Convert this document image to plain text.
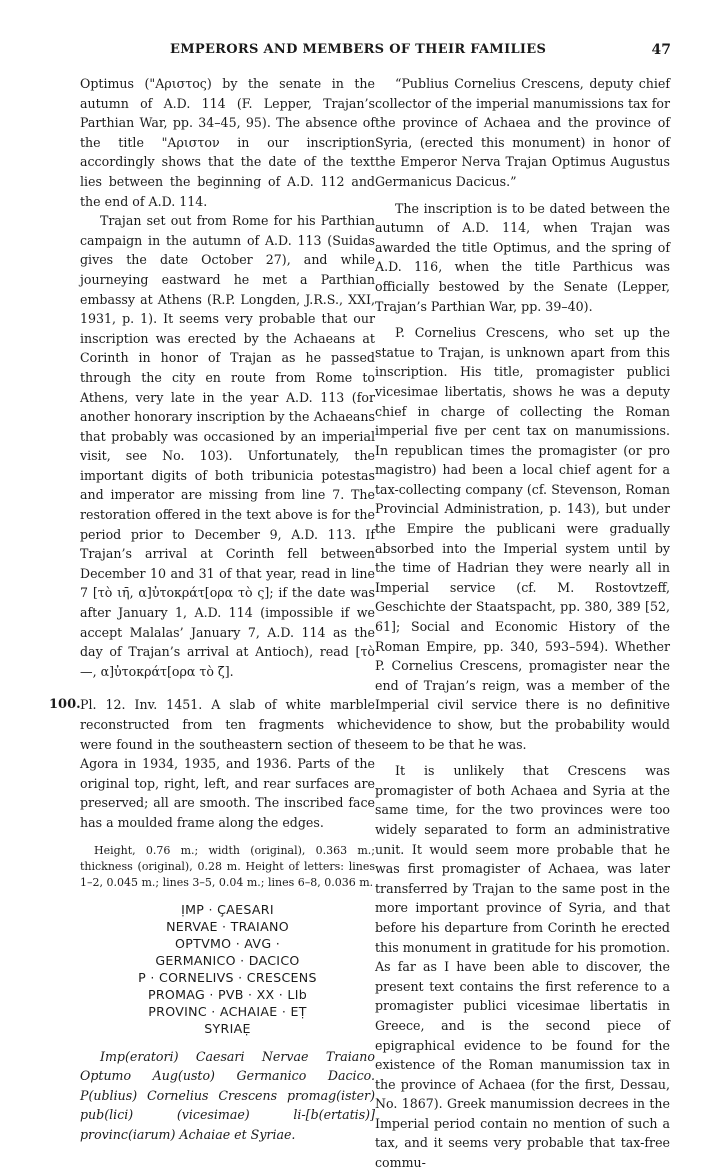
EMPERORS AND MEMBERS OF THEIR FAMILIES	47

Optimus ("Αριστος) by the senate in the autumn of A.D. 114 (F. Lepper, Trajan’s Parthian War, pp. 34–45, 95). The absence of the title "Αριστον in our inscription accordingly shows that the date of the text lies between the beginning of A.D. 112 and the end of A.D. 114.

Trajan set out from Rome for his Parthian campaign in the autumn of A.D. 113 (Suidas gives the date October 27), and while journeying eastward he met a Parthian embassy at Athens (R.P. Longden, J.R.S., XXI, 1931, p. 1). It seems very probable that our inscription was erected by the Achaeans at Corinth in honor of Trajan as he passed through the city en route from Rome to Athens, very late in the year A.D. 113 (for another honorary inscription by the Achaeans that probably was occasioned by an imperial visit, see No. 103). Unfortunately, the important digits of both tribunicia potestas and imperator are missing from line 7. The restoration offered in the text above is for the period prior to December 9, A.D. 113. If Trajan’s arrival at Corinth fell between December 10 and 31 of that year, read in line 7 [τὸ ιη̄, α]ὐτοκράτ[ορα τὸ ς]; if the date was after January 1, A.D. 114 (impossible if we accept Malalas’ January 7, A.D. 114 as the day of Trajan’s arrival at Antioch), read [τὸ —, α]ὐτοκράτ[ορα τὸ ζ̄].

100. Pl. 12. Inv. 1451. A slab of white marble reconstructed from ten fragments which were found in the southeastern section of the Agora in 1934, 1935, and 1936. Parts of the original top, right, left, and rear surfaces are preserved; all are smooth. The inscribed face has a moulded frame along the edges.

Height, 0.76 m.; width (original), 0.363 m.; thickness (original), 0.28 m. Height of letters: lines 1–2, 0.045 m.; lines 3–5, 0.04 m.; lines 6–8, 0.036 m.

ỊMP · ÇAESARI
NERVAE · TRAIANO
OPTVMO · AVG ·
GERMANICO · DACICO
P · CORNELIVS · CRESCENS
PROMAG · PVB · XX · LIb
PROVINC · ACHAIAE · EṬ
SYRIAẸ

Imp(eratori) Caesari Nervae Traiano Optumo Aug(usto) Germanico Dacico. P(ublius) Cornelius Crescens promag(ister) pub(lici) (vicesimae) li-[b(ertatis)] provinc(iarum) Achaiae et Syriae.

“Publius Cornelius Crescens, deputy chief collector of the imperial manumissions tax for the province of Achaea and the province of Syria, (erected this monument) in honor of the Emperor Nerva Trajan Optimus Augustus Germanicus Dacicus.”

The inscription is to be dated between the autumn of A.D. 114, when Trajan was awarded the title Optimus, and the spring of A.D. 116, when the title Parthicus was officially bestowed by the Senate (Lepper, Trajan’s Parthian War, pp. 39–40).

P. Cornelius Crescens, who set up the statue to Trajan, is unknown apart from this inscription. His title, promagister publici vicesimae libertatis, shows he was a deputy chief in charge of collecting the Roman imperial five per cent tax on manumissions. In republican times the promagister (or pro magistro) had been a local chief agent for a tax-collecting company (cf. Stevenson, Roman Provincial Administration, p. 143), but under the Empire the publicani were gradually absorbed into the Imperial system until by the time of Hadrian they were nearly all in Imperial service (cf. M. Rostovtzeff, Geschichte der Staatspacht, pp. 380, 389 [52, 61]; Social and Economic History of the Roman Empire, pp. 340, 593–594). Whether P. Cornelius Crescens, promagister near the end of Trajan’s reign, was a member of the Imperial civil service there is no definitive evidence to show, but the probability would seem to be that he was.

It is unlikely that Crescens was promagister of both Achaea and Syria at the same time, for the two provinces were too widely separated to form an administrative unit. It would seem more probable that he was first promagister of Achaea, was later transferred by Trajan to the same post in the more important province of Syria, and that before his departure from Corinth he erected this monument in gratitude for his promotion. As far as I have been able to discover, the present text contains the first reference to a promagister publici vicesimae libertatis in Greece, and is the second piece of epigraphical evidence to be found for the existence of the Roman manumission tax in the province of Achaea (for the first, Dessau, No. 1867). Greek manumission decrees in the Imperial period contain no mention of such a tax, and it seems very probable that tax-free commu-
